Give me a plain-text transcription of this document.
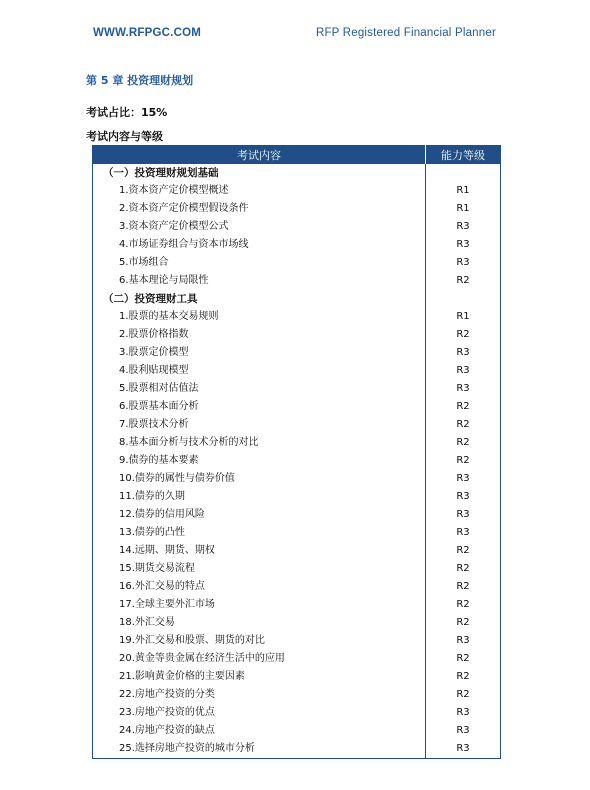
WWW.RFPGC.COM	RFP Registered Financial Planner
第 5 章 投资理财规划
考试占比：15%
考试内容与等级
考试内容	能力等级
（一）投资理财规划基础	
1.资本资产定价模型概述	R1
2.资本资产定价模型假设条件	R1
3.资本资产定价模型公式	R3
4.市场证券组合与资本市场线	R3
5.市场组合	R3
6.基本理论与局限性	R2
（二）投资理财工具	
1.股票的基本交易规则	R1
2.股票价格指数	R2
3.股票定价模型	R3
4.股利贴现模型	R3
5.股票相对估值法	R3
6.股票基本面分析	R2
7.股票技术分析	R2
8.基本面分析与技术分析的对比	R2
9.债券的基本要素	R2
10.债券的属性与债券价值	R3
11.债券的久期	R3
12.债券的信用风险	R3
13.债券的凸性	R3
14.远期、期货、期权	R2
15.期货交易流程	R2
16.外汇交易的特点	R2
17.全球主要外汇市场	R2
18.外汇交易	R2
19.外汇交易和股票、期货的对比	R3
20.黄金等贵金属在经济生活中的应用	R2
21.影响黄金价格的主要因素	R2
22.房地产投资的分类	R2
23.房地产投资的优点	R3
24.房地产投资的缺点	R3
25.选择房地产投资的城市分析	R3
